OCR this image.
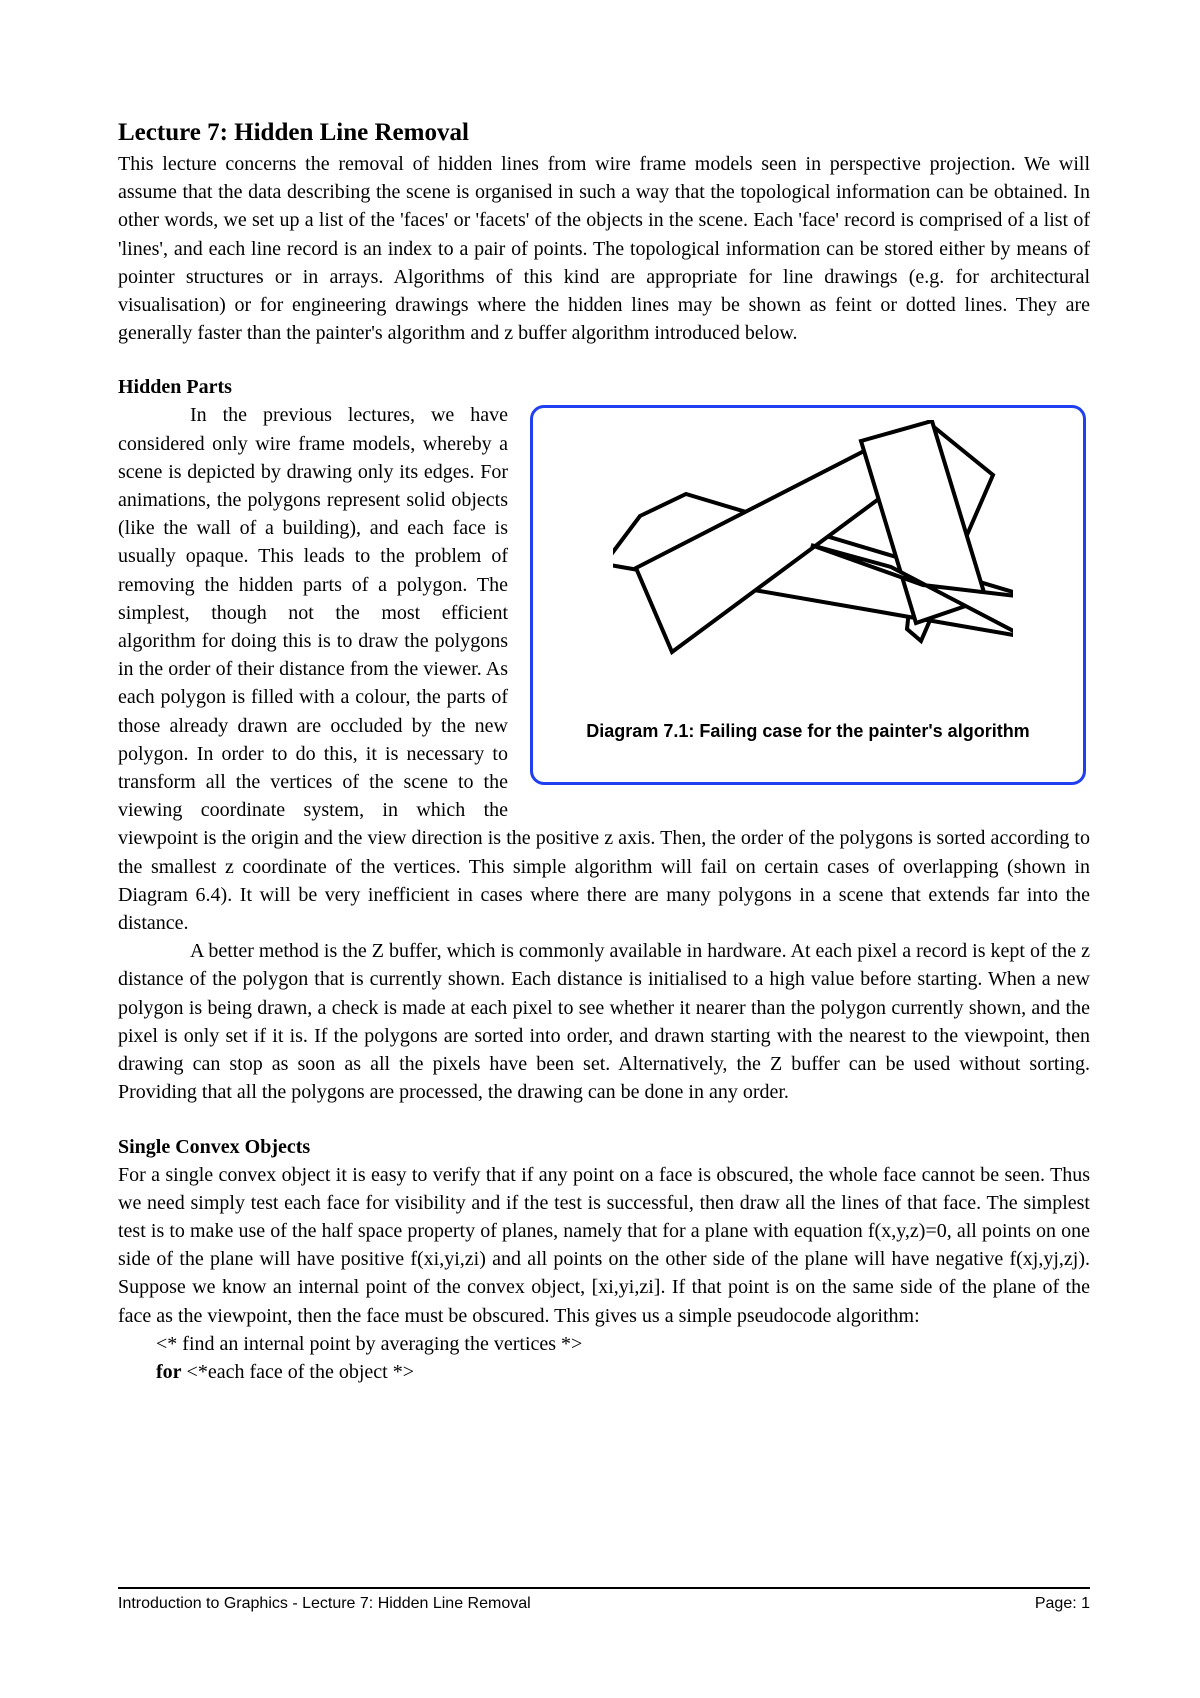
Lecture 7: Hidden Line Removal

This lecture concerns the removal of hidden lines from wire frame models seen in perspective projection. We will assume that the data describing the scene is organised in such a way that the topological information can be obtained. In other words, we set up a list of the 'faces' or 'facets' of the objects in the scene. Each 'face' record is comprised of a list of 'lines', and each line record is an index to a pair of points. The topological information can be stored either by means of pointer structures or in arrays. Algorithms of this kind are appropriate for line drawings (e.g. for architectural visualisation) or for engineering drawings where the hidden lines may be shown as feint or dotted lines. They are generally faster than the painter's algorithm and z buffer algorithm introduced below.

Hidden Parts
Diagram 7.1: Failing case for the painter's algorithm

In the previous lectures, we have considered only wire frame models, whereby a scene is depicted by drawing only its edges. For animations, the polygons represent solid objects (like the wall of a building), and each face is usually opaque. This leads to the problem of removing the hidden parts of a polygon. The simplest, though not the most efficient algorithm for doing this is to draw the polygons in the order of their distance from the viewer. As each polygon is filled with a colour, the parts of those already drawn are occluded by the new polygon. In order to do this, it is necessary to transform all the vertices of the scene to the viewing coordinate system, in which the viewpoint is the origin and the view direction is the positive z axis. Then, the order of the polygons is sorted according to the smallest z coordinate of the vertices. This simple algorithm will fail on certain cases of overlapping (shown in Diagram 6.4). It will be very inefficient in cases where there are many polygons in a scene that extends far into the distance.

A better method is the Z buffer, which is commonly available in hardware. At each pixel a record is kept of the z distance of the polygon that is currently shown. Each distance is initialised to a high value before starting. When a new polygon is being drawn, a check is made at each pixel to see whether it nearer than the polygon currently shown, and the pixel is only set if it is. If the polygons are sorted into order, and drawn starting with the nearest to the viewpoint, then drawing can stop as soon as all the pixels have been set. Alternatively, the Z buffer can be used without sorting. Providing that all the polygons are processed, the drawing can be done in any order.

Single Convex Objects

For a single convex object it is easy to verify that if any point on a face is obscured, the whole face cannot be seen. Thus we need simply test each face for visibility and if the test is successful, then draw all the lines of that face. The simplest test is to make use of the half space property of planes, namely that for a plane with equation f(x,y,z)=0, all points on one side of the plane will have positive f(xi,yi,zi) and all points on the other side of the plane will have negative f(xj,yj,zj). Suppose we know an internal point of the convex object, [xi,yi,zi]. If that point is on the same side of the plane of the face as the viewpoint, then the face must be obscured. This gives us a simple pseudocode algorithm:

<* find an internal point by averaging the vertices *>
for <*each face of the object *>
Introduction to Graphics - Lecture 7: Hidden Line Removal	Page: 1
